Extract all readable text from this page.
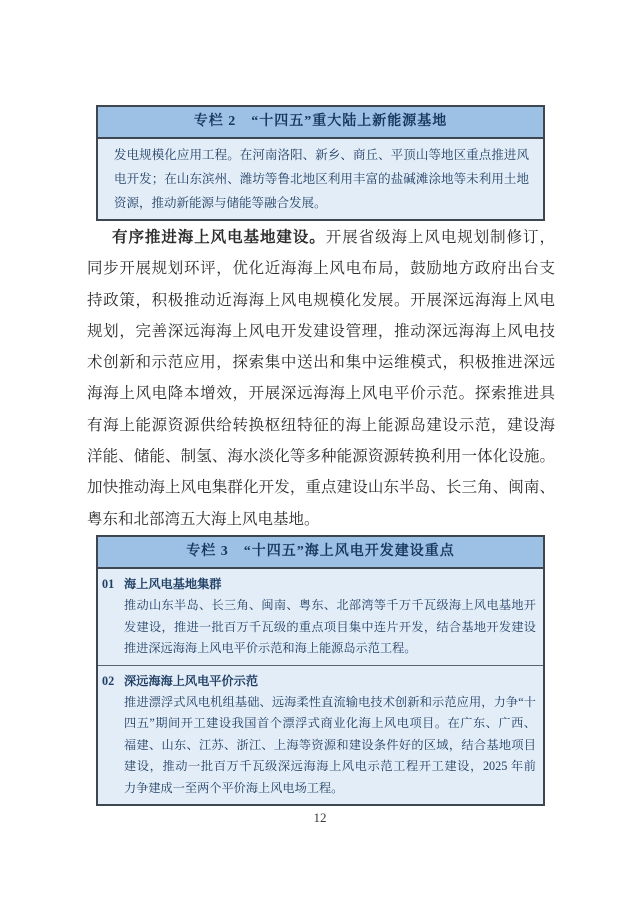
专栏 2　“十四五”重大陆上新能源基地
发电规模化应用工程。在河南洛阳、新乡、商丘、平顶山等地区重点推进风
电开发；在山东滨州、潍坊等鲁北地区利用丰富的盐碱滩涂地等未利用土地
资源，推动新能源与储能等融合发展。
有序推进海上风电基地建设。开展省级海上风电规划制修订，
同步开展规划环评，优化近海海上风电布局，鼓励地方政府出台支
持政策，积极推动近海海上风电规模化发展。开展深远海海上风电
规划，完善深远海海上风电开发建设管理，推动深远海海上风电技
术创新和示范应用，探索集中送出和集中运维模式，积极推进深远
海海上风电降本增效，开展深远海海上风电平价示范。探索推进具
有海上能源资源供给转换枢纽特征的海上能源岛建设示范，建设海
洋能、储能、制氢、海水淡化等多种能源资源转换利用一体化设施。
加快推动海上风电集群化开发，重点建设山东半岛、长三角、闽南、
粤东和北部湾五大海上风电基地。
专栏 3　“十四五”海上风电开发建设重点
01 海上风电基地集群
推动山东半岛、长三角、闽南、粤东、北部湾等千万千瓦级海上风电基地开
发建设，推进一批百万千瓦级的重点项目集中连片开发，结合基地开发建设
推进深远海海上风电平价示范和海上能源岛示范工程。
02 深远海海上风电平价示范
推进漂浮式风电机组基础、远海柔性直流输电技术创新和示范应用，力争“十
四五”期间开工建设我国首个漂浮式商业化海上风电项目。在广东、广西、
福建、山东、江苏、浙江、上海等资源和建设条件好的区域，结合基地项目
建设，推动一批百万千瓦级深远海海上风电示范工程开工建设，2025 年前
力争建成一至两个平价海上风电场工程。
12
